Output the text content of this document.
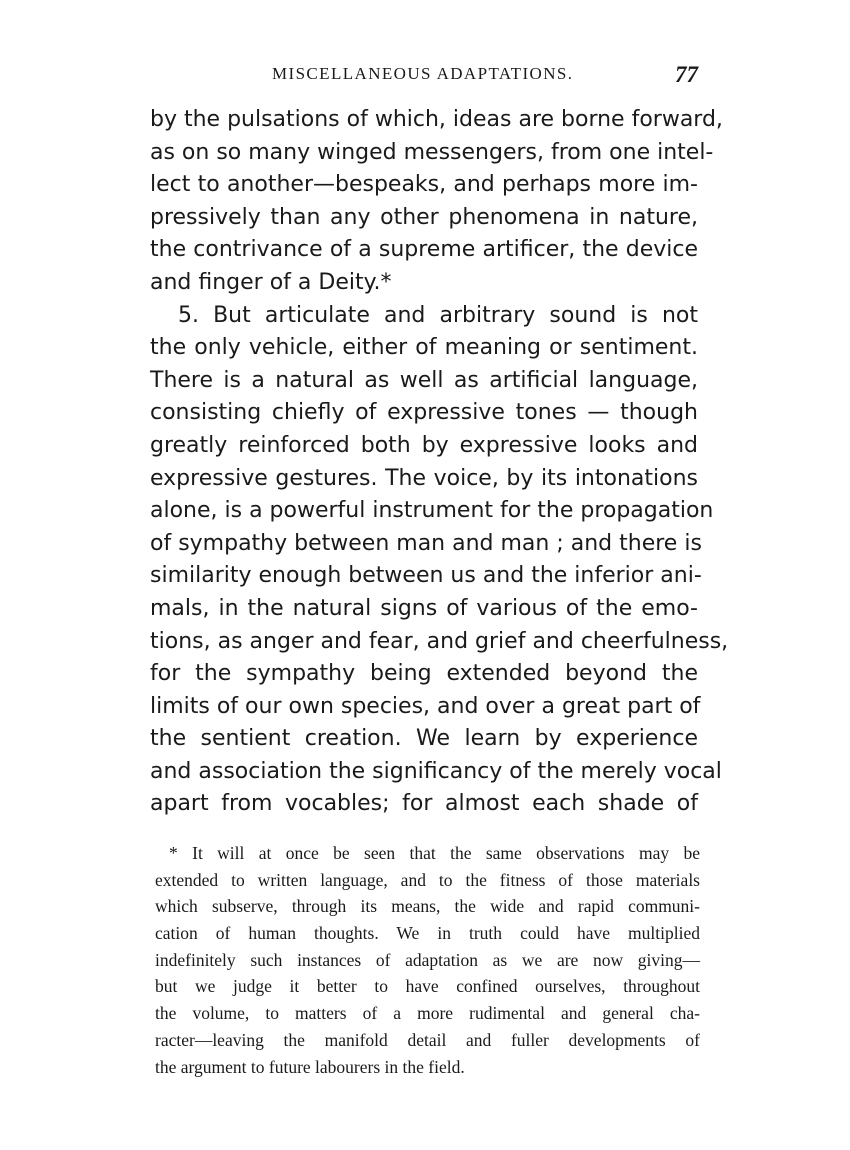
MISCELLANEOUS ADAPTATIONS.	77
by the pulsations of which, ideas are borne forward,
as on so many winged messengers, from one intel-
lect to another—bespeaks, and perhaps more im-
pressively than any other phenomena in nature,
the contrivance of a supreme artificer, the device
and finger of a Deity.*
5. But articulate and arbitrary sound is not
the only vehicle, either of meaning or sentiment.
There is a natural as well as artificial language,
consisting chiefly of expressive tones — though
greatly reinforced both by expressive looks and
expressive gestures. The voice, by its intonations
alone, is a powerful instrument for the propagation
of sympathy between man and man ; and there is
similarity enough between us and the inferior ani-
mals, in the natural signs of various of the emo-
tions, as anger and fear, and grief and cheerfulness,
for the sympathy being extended beyond the
limits of our own species, and over a great part of
the sentient creation. We learn by experience
and association the significancy of the merely vocal
apart from vocables; for almost each shade of
* It will at once be seen that the same observations may be
extended to written language, and to the fitness of those materials
which subserve, through its means, the wide and rapid communi-
cation of human thoughts. We in truth could have multiplied
indefinitely such instances of adaptation as we are now giving—
but we judge it better to have confined ourselves, throughout
the volume, to matters of a more rudimental and general cha-
racter—leaving the manifold detail and fuller developments of
the argument to future labourers in the field.
